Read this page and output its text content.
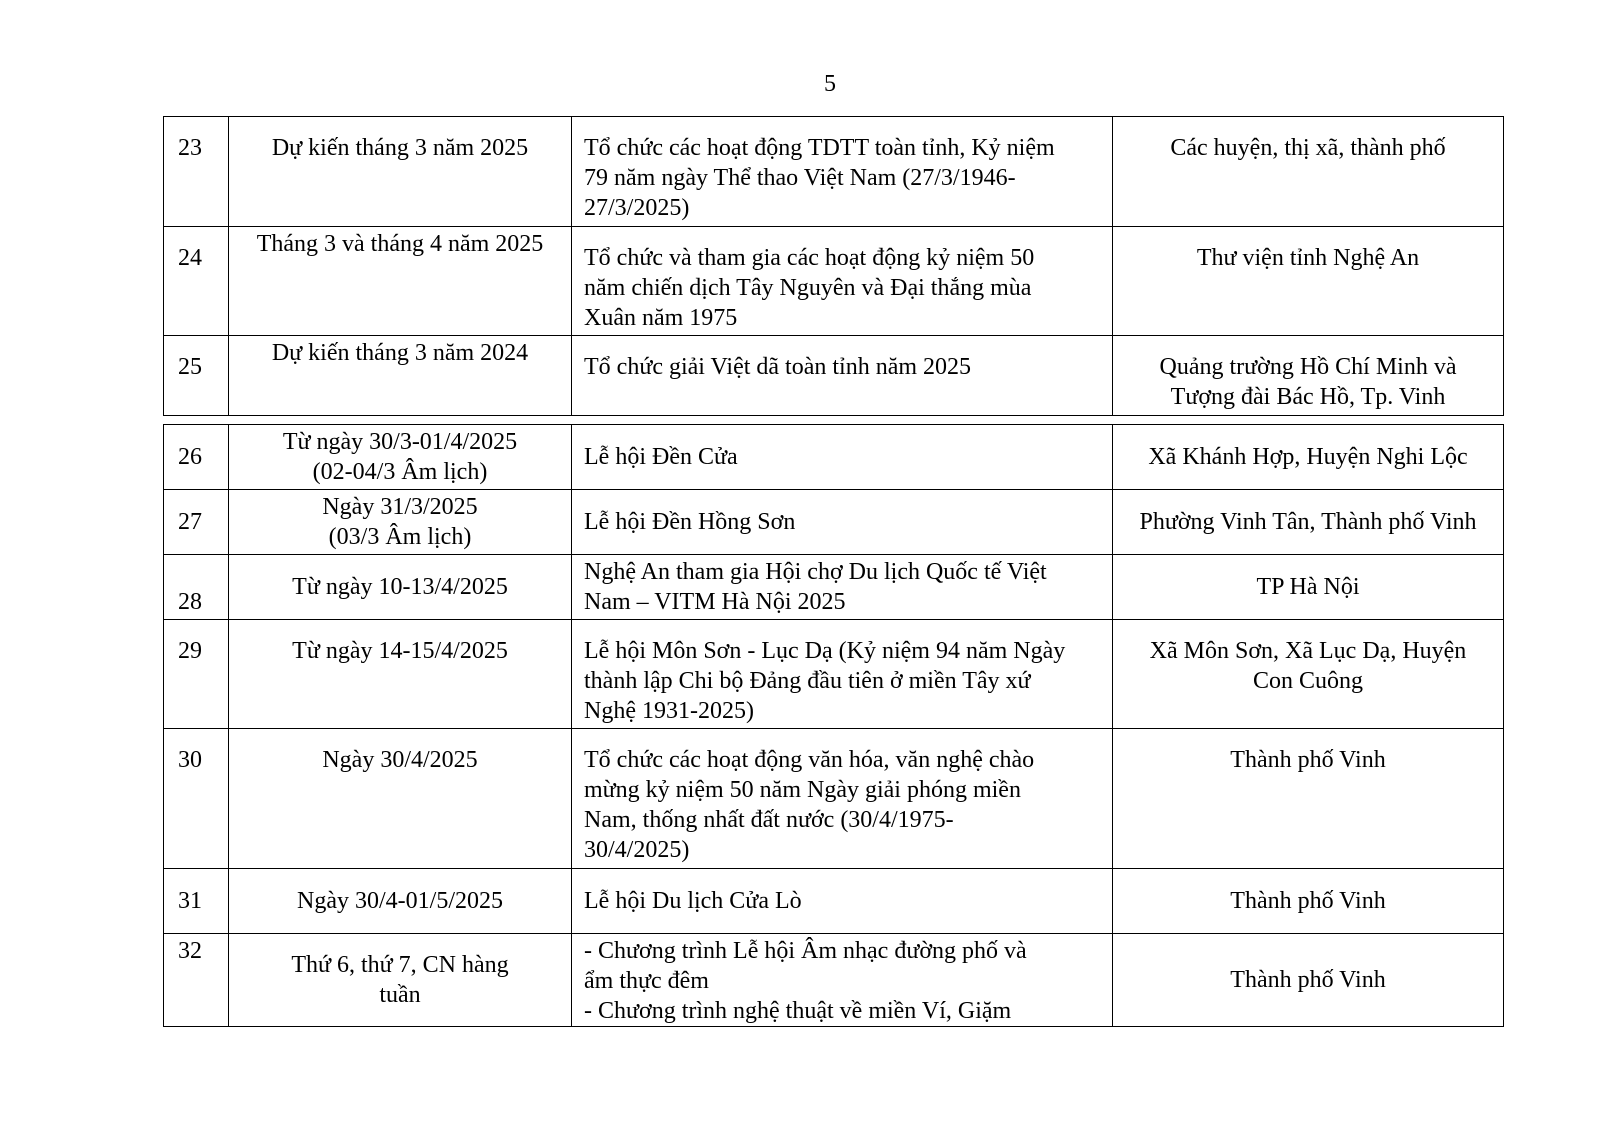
5
23	Dự kiến tháng 3 năm 2025	Tổ chức các hoạt động TDTT toàn tỉnh, Kỷ niệm
79 năm ngày Thể thao Việt Nam (27/3/1946-
27/3/2025)	Các huyện, thị xã, thành phố

24	Tháng 3 và tháng 4 năm 2025	Tổ chức và tham gia các hoạt động kỷ niệm 50
năm chiến dịch Tây Nguyên và Đại thắng mùa
Xuân năm 1975	Thư viện tỉnh Nghệ An

25	Dự kiến tháng 3 năm 2024	Tổ chức giải Việt dã toàn tỉnh năm 2025	Quảng trường Hồ Chí Minh và
Tượng đài Bác Hồ, Tp. Vinh
26	Từ ngày 30/3-01/4/2025
(02-04/3 Âm lịch)	Lễ hội Đền Cửa	Xã Khánh Hợp, Huyện Nghi Lộc

27	Ngày 31/3/2025
(03/3 Âm lịch)	Lễ hội Đền Hồng Sơn	Phường Vinh Tân, Thành phố Vinh

28	Từ ngày 10-13/4/2025	Nghệ An tham gia Hội chợ Du lịch Quốc tế Việt
Nam – VITM Hà Nội 2025	TP Hà Nội

29	Từ ngày 14-15/4/2025	Lễ hội Môn Sơn - Lục Dạ (Kỷ niệm 94 năm Ngày
thành lập Chi bộ Đảng đầu tiên ở miền Tây xứ
Nghệ 1931-2025)	Xã Môn Sơn, Xã Lục Dạ, Huyện
Con Cuông

30	Ngày 30/4/2025	Tổ chức các hoạt động văn hóa, văn nghệ chào
mừng kỷ niệm 50 năm Ngày giải phóng miền
Nam, thống nhất đất nước (30/4/1975-
30/4/2025)	Thành phố Vinh

31	Ngày 30/4-01/5/2025	Lễ hội Du lịch Cửa Lò	Thành phố Vinh

32	Thứ 6, thứ 7, CN hàng
tuần	- Chương trình Lễ hội Âm nhạc đường phố và
ẩm thực đêm
- Chương trình nghệ thuật về miền Ví, Giặm	Thành phố Vinh
